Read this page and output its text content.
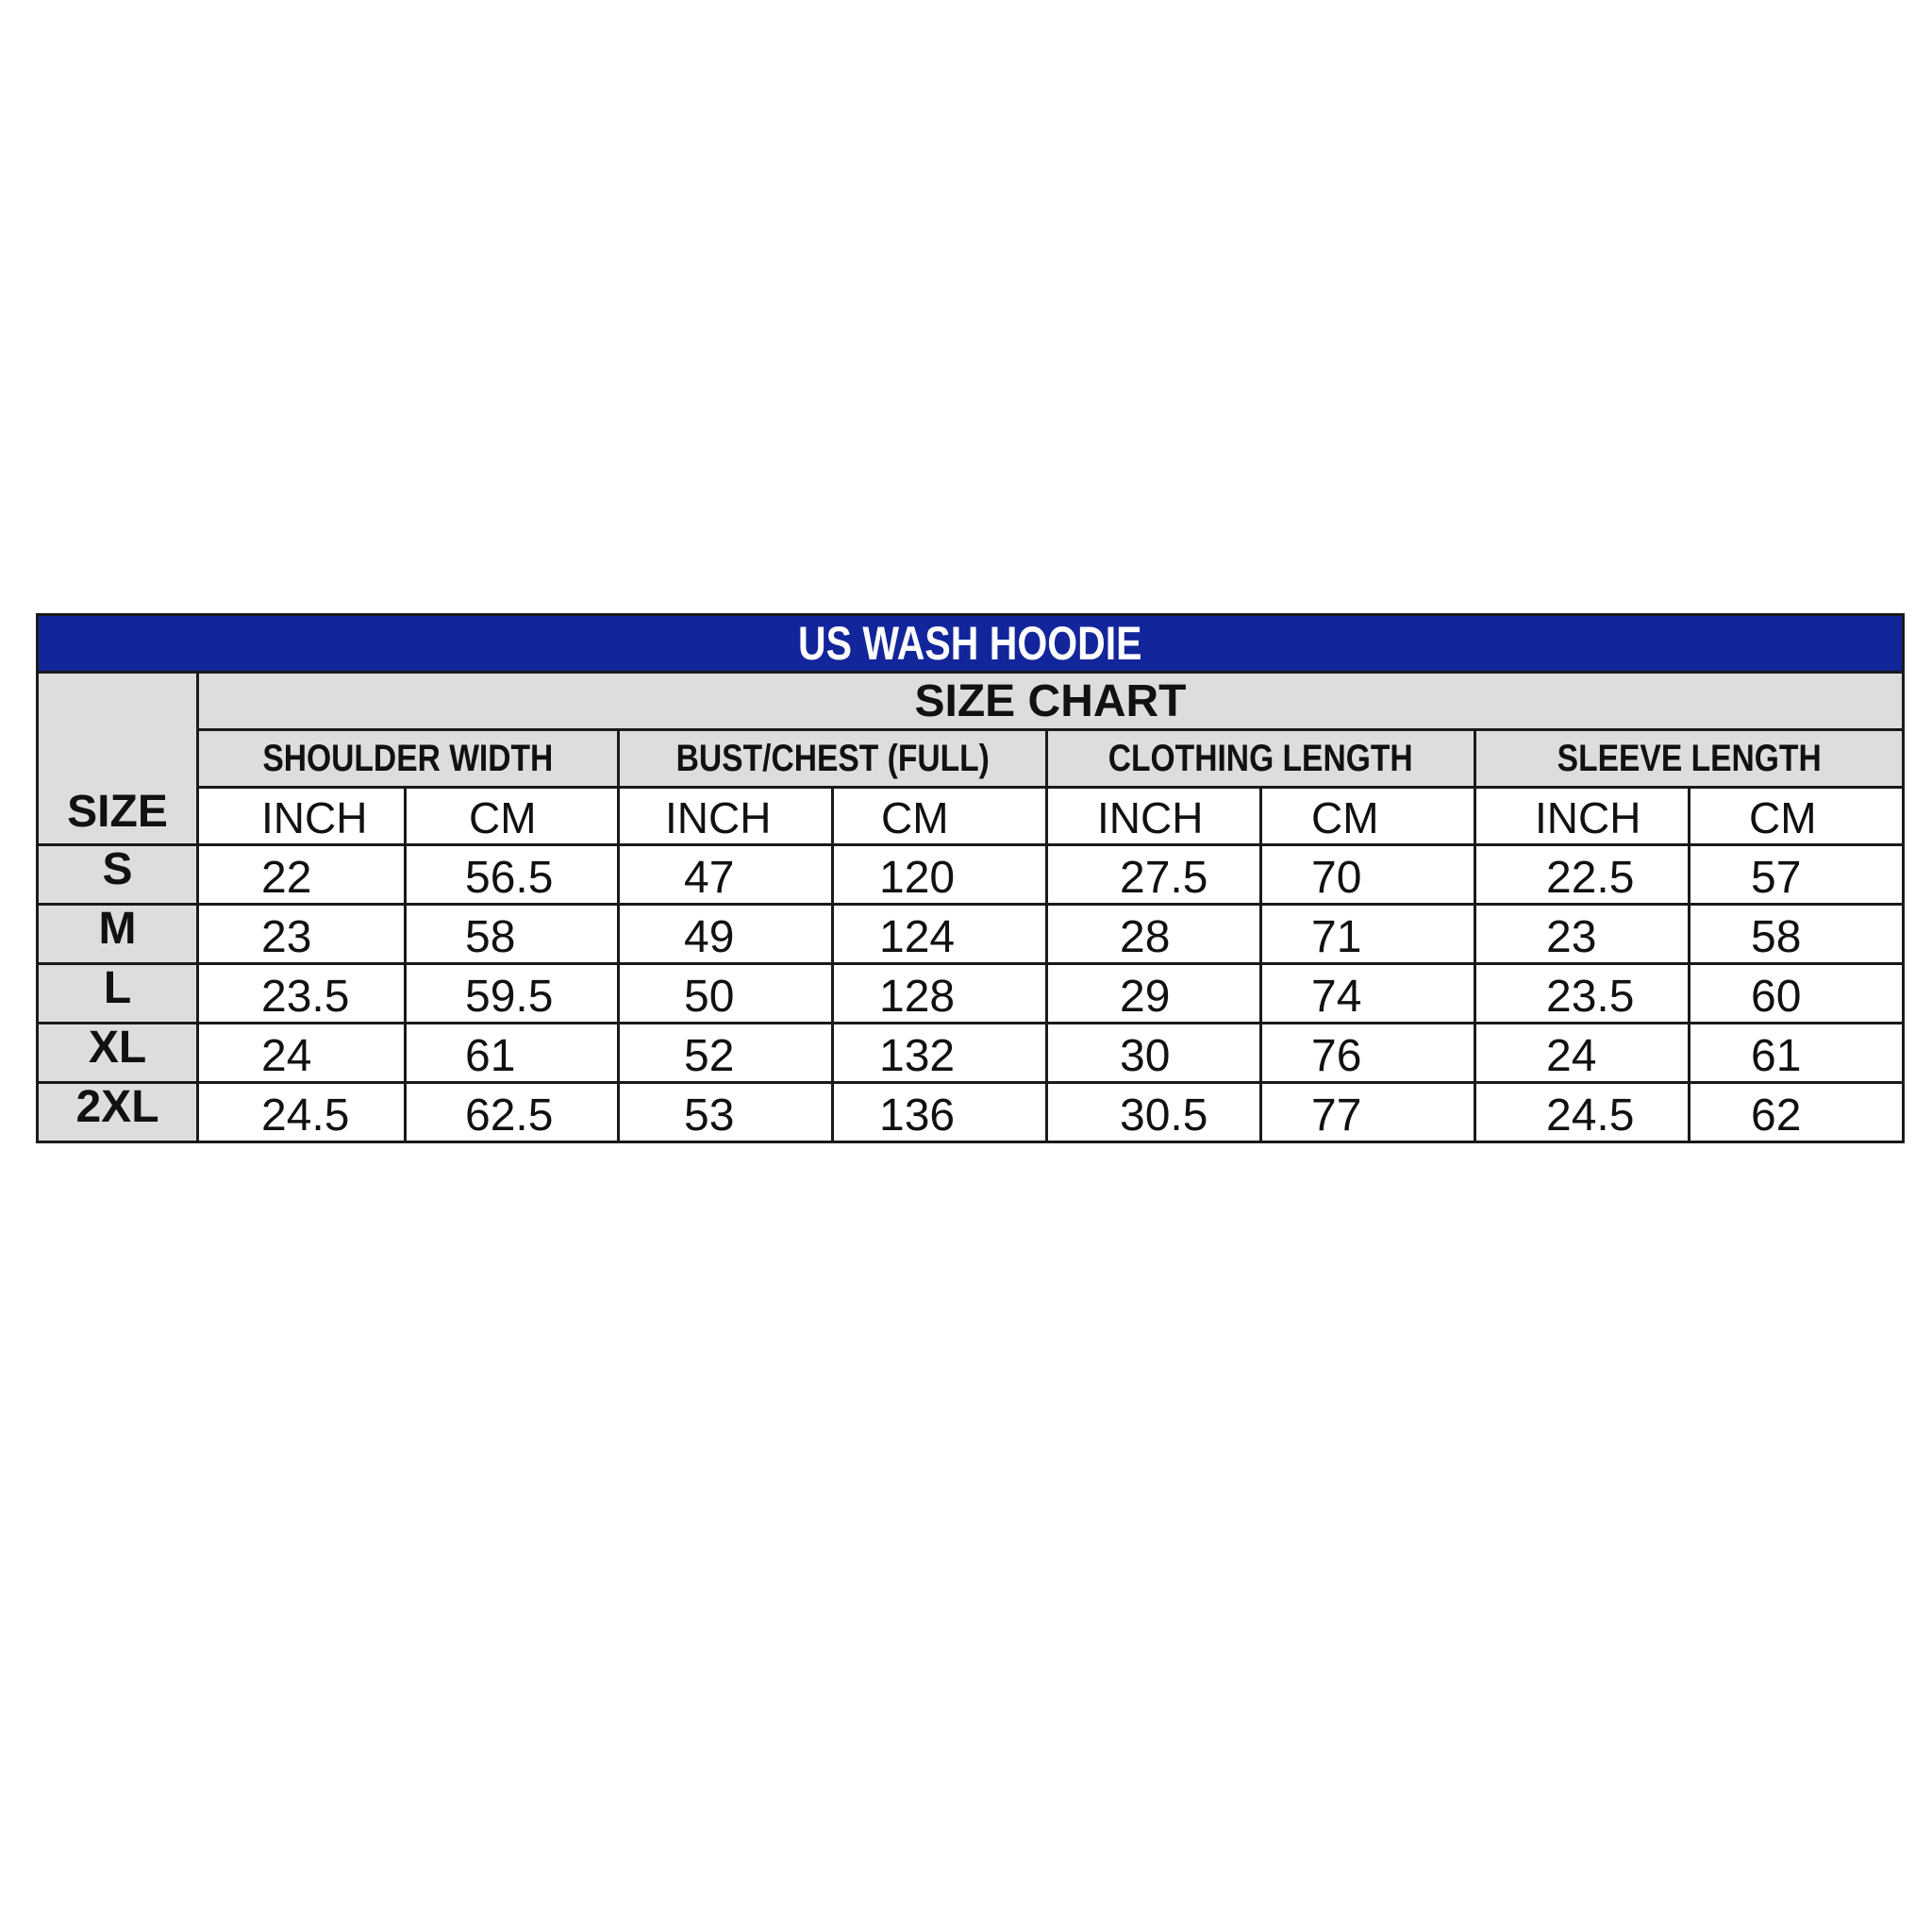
US WASH HOODIE								
SIZE	SIZE CHART							
	SHOULDER WIDTH		BUST/CHEST (FULL)		CLOTHING LENGTH		SLEEVE LENGTH	
	INCH	CM	INCH	CM	INCH	CM	INCH	CM
S	22	56.5	47	120	27.5	70	22.5	57
M	23	58	49	124	28	71	23	58
L	23.5	59.5	50	128	29	74	23.5	60
XL	24	61	52	132	30	76	24	61
2XL	24.5	62.5	53	136	30.5	77	24.5	62
